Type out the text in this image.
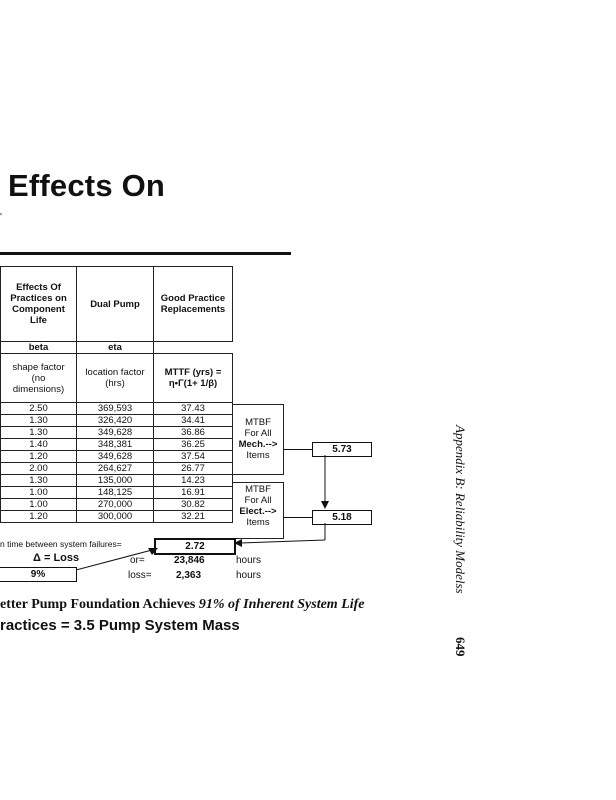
Effects On
'
Effects Of Practices on Component Life	Dual Pump	Good Practice Replacements
beta	eta	
shape factor (no dimensions)	location factor (hrs)	MTTF (yrs) = η•Γ(1+ 1/β)
2.50	369,593	37.43
1.30	326,420	34.41
1.30	349,628	36.86
1.40	348,381	36.25
1.20	349,628	37.54
2.00	264,627	26.77
1.30	135,000	14.23
1.00	148,125	16.91
1.00	270,000	30.82
1.20	300,000	32.21
MTBF
For All
Mech.-->
Items
5.73
MTBF
For All
Elect.-->
Items	5.18
n time between system failures=	2.72
Δ = Loss
9%
or=	23,846	hours
loss= 2,363	hours
etter Pump Foundation Achieves 91% of Inherent System Life
ractices = 3.5 Pump System Mass
Appendix B: Reliability Modelss
649
